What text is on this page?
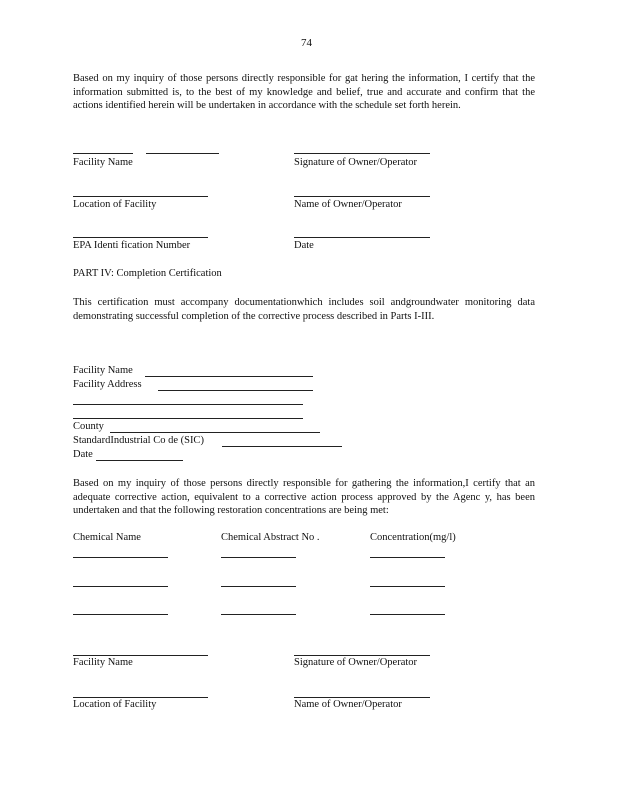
74
Based on my inquiry of those persons directly responsible for gat hering the information, I certify that the information submitted is, to the best of my knowledge and belief, true and accurate and confirm that the actions identified herein will be undertaken in accordance with the schedule set forth herein.
Facility Name	Signature of Owner/Operator
Location of Facility	Name of Owner/Operator
EPA Identi fication Number	Date
PART IV: Completion Certification
This certification must accompany documentationwhich includes soil andgroundwater monitoring data demonstrating successful completion of the corrective process described in Parts I-III.
Facility Name
Facility Address
County
StandardIndustrial Co de (SIC)
Date
Based on my inquiry of those persons directly responsible for gathering the information,I certify that an adequate corrective action, equivalent to a corrective action process approved by the Agenc y, has been undertaken and that the following restoration concentrations are being met:
Chemical Name	Chemical Abstract No .	Concentration(mg/l)
Facility Name	Signature of Owner/Operator
Location of Facility	Name of Owner/Operator
